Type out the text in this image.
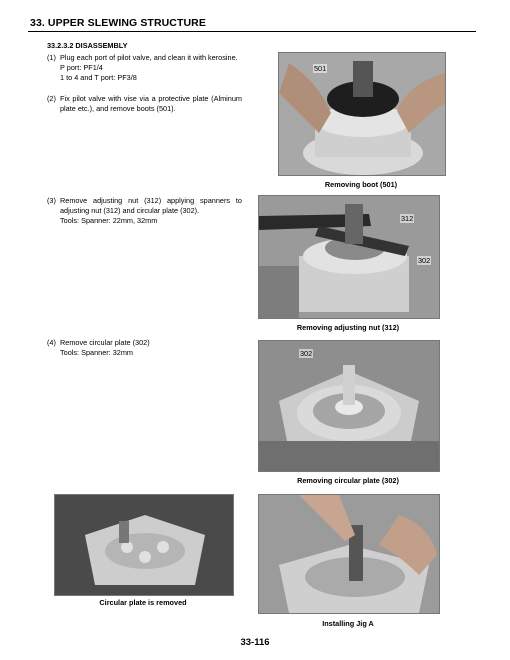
33. UPPER SLEWING STRUCTURE
33.2.3.2 DISASSEMBLY
(1) Plug each port of pilot valve, and clean it with kerosine.
P port: PF1/4
1 to 4 and T port: PF3/8
(2) Fix pilot valve with vise via a protective plate (Alminum plate etc.), and remove boots (501).
(3) Remove adjusting nut (312) applying spanners to adjusting nut (312) and circular plate (302).
Tools: Spanner: 22mm, 32mm
(4) Remove circular plate (302)
Tools: Spanner: 32mm
501
Removing boot (501)
312
302
Removing adjusting nut (312)
302
Removing circular plate (302)
Circular plate is removed
Installing Jig A
33-116
